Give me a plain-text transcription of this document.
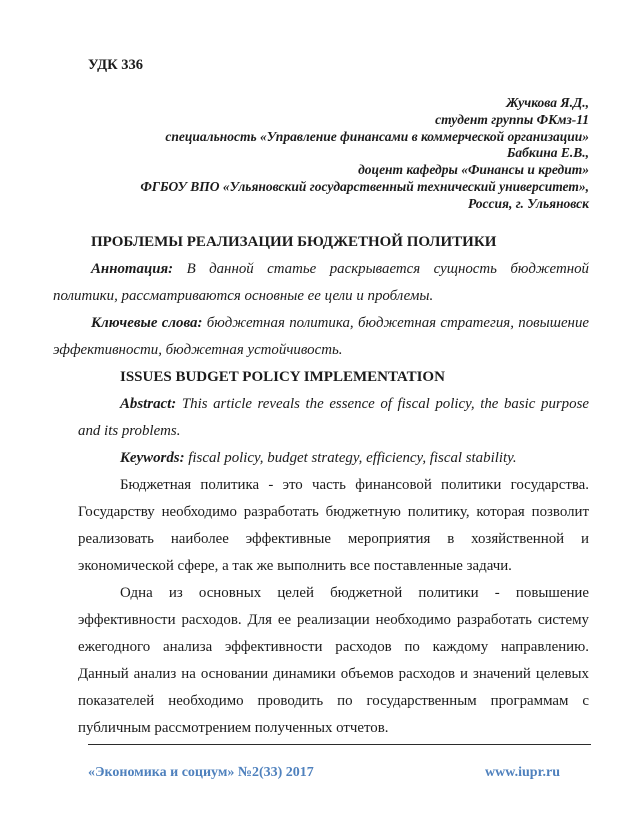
УДК 336
Жучкова Я.Д.,
студент группы ФКмз-11
специальность «Управление финансами в коммерческой организации»
Бабкина Е.В.,
доцент кафедры «Финансы и кредит»
ФГБОУ ВПО «Ульяновский государственный технический университет»,
Россия, г. Ульяновск
ПРОБЛЕМЫ РЕАЛИЗАЦИИ БЮДЖЕТНОЙ ПОЛИТИКИ

Аннотация: В данной статье раскрывается сущность бюджетной политики, рассматриваются основные ее цели и проблемы.

Ключевые слова: бюджетная политика, бюджетная стратегия, повышение эффективности, бюджетная устойчивость.

ISSUES BUDGET POLICY IMPLEMENTATION

Abstract: This article reveals the essence of fiscal policy, the basic purpose and its problems.

Keywords: fiscal policy, budget strategy, efficiency, fiscal stability.

Бюджетная политика - это часть финансовой политики государства. Государству необходимо разработать бюджетную политику, которая позволит реализовать наиболее эффективные мероприятия в хозяйственной и экономической сфере, а так же выполнить все поставленные задачи.

Одна из основных целей бюджетной политики - повышение эффективности расходов. Для ее реализации необходимо разработать систему ежегодного анализа эффективности расходов по каждому направлению. Данный анализ на основании динамики объемов расходов и значений целевых показателей необходимо проводить по государственным программам с публичным рассмотрением полученных отчетов.

«Экономика и социум» №2(33) 2017	www.iupr.ru
